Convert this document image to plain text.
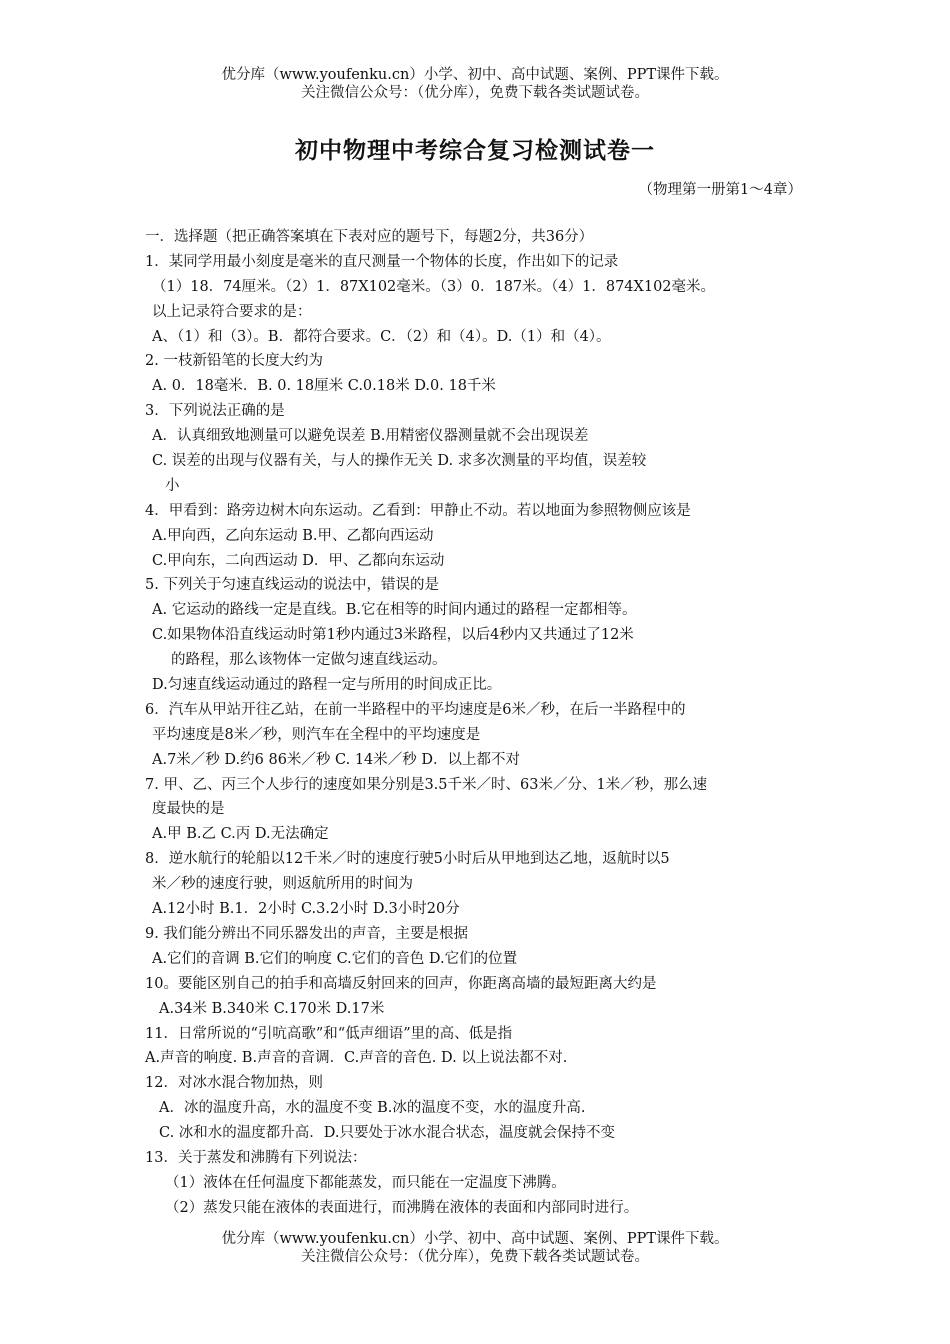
优分库（www.youfenku.cn）小学、初中、高中试题、案例、PPT课件下载。
关注微信公众号：（优分库），免费下载各类试题试卷。
初中物理中考综合复习检测试卷一
（物理第一册第1～4章）
一．选择题（把正确答案填在下表对应的题号下，每题2分，共36分）
1．某同学用最小刻度是毫米的直尺测量一个物体的长度，作出如下的记录
（1）18．74厘米。（2）1．87X102毫米。（3）0．187米。（4）1．874X102毫米。
以上记录符合要求的是：
A、（1）和（3）。B．都符合要求。C．（2）和（4）。D.（1）和（4）。
2. 一枝新铅笔的长度大约为
A. 0．18毫米．B. 0. 18厘米 C.0.18米 D.0. 18千米
3．下列说法正确的是
A．认真细致地测量可以避免误差 B.用精密仪器测量就不会出现误差
C. 误差的出现与仪器有关，与人的操作无关 D. 求多次测量的平均值，误差较
小
4．甲看到：路旁边树木向东运动。乙看到：甲静止不动。若以地面为参照物侧应该是
A.甲向西，乙向东运动 B.甲、乙都向西运动
C.甲向东，二向西运动 D．甲、乙都向东运动
5. 下列关于匀速直线运动的说法中，错误的是
A. 它运动的路线一定是直线。B.它在相等的时间内通过的路程一定都相等。
C.如果物体沿直线运动时第1秒内通过3米路程，以后4秒内又共通过了12米
的路程，那么该物体一定做匀速直线运动。
D.匀速直线运动通过的路程一定与所用的时间成正比。
6．汽车从甲站开往乙站，在前一半路程中的平均速度是6米／秒，在后一半路程中的
平均速度是8米／秒，则汽车在全程中的平均速度是
A.7米／秒 D.约6 86米／秒 C. 14米／秒 D．以上都不对
7. 甲、乙、丙三个人步行的速度如果分别是3.5千米／时、63米／分、1米／秒，那么速
度最快的是
A.甲 B.乙 C.丙 D.无法确定
8．逆水航行的轮船以12千米／时的速度行驶5小时后从甲地到达乙地，返航时以5
米／秒的速度行驶，则返航所用的时间为
A.12小时 B.1．2小时 C.3.2小时 D.3小时20分
9. 我们能分辨出不同乐器发出的声音，主要是根据
A.它们的音调 B.它们的响度 C.它们的音色 D.它们的位置
10。要能区别自己的拍手和高墙反射回来的回声，你距离高墙的最短距离大约是
A.34米 B.340米 C.170米 D.17米
11．日常所说的“引吭高歌”和“低声细语”里的高、低是指
A.声音的响度. B.声音的音调．C.声音的音色. D. 以上说法都不对.
12．对冰水混合物加热，则
A．冰的温度升高，水的温度不变 B.冰的温度不变，水的温度升高.
C. 冰和水的温度都升高．D.只要处于冰水混合状态，温度就会保持不变
13．关于蒸发和沸腾有下列说法：
（1）液体在任何温度下都能蒸发，而只能在一定温度下沸腾。
（2）蒸发只能在液体的表面进行，而沸腾在液体的表面和内部同时进行。
优分库（www.youfenku.cn）小学、初中、高中试题、案例、PPT课件下载。
关注微信公众号：（优分库），免费下载各类试题试卷。
